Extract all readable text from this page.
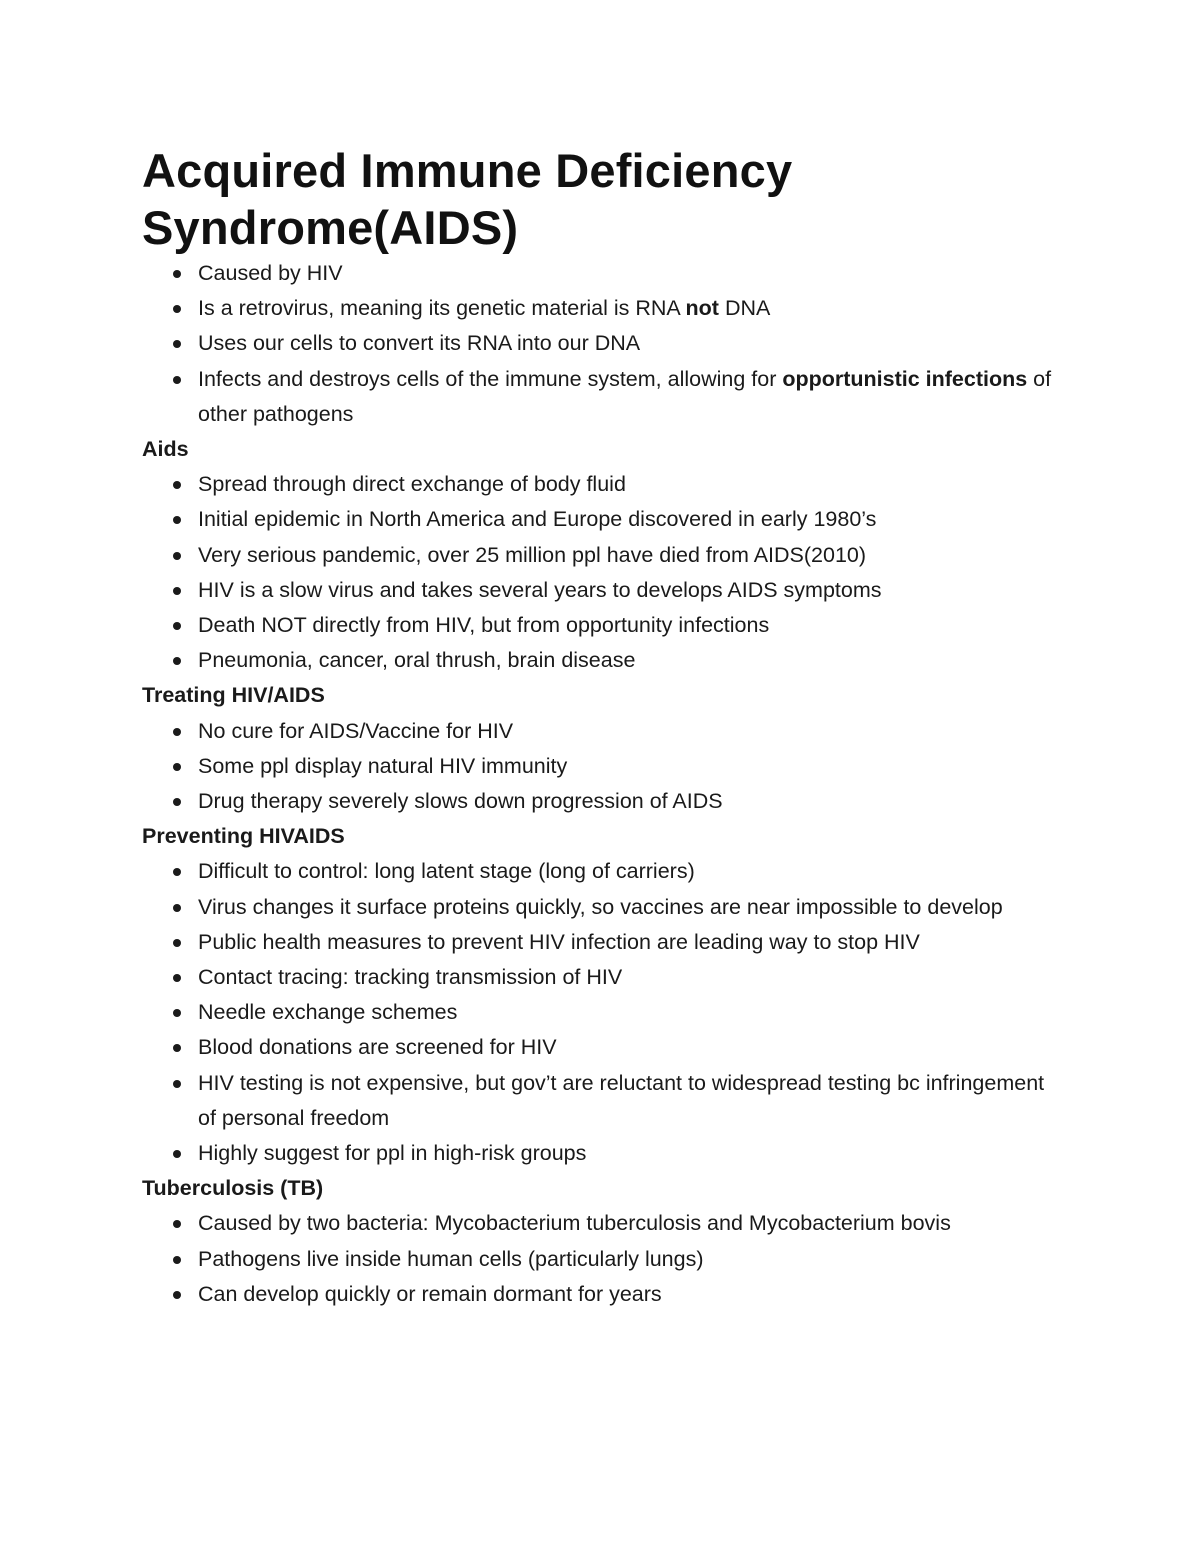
Acquired Immune Deficiency Syndrome(AIDS)
Caused by HIV
Is a retrovirus, meaning its genetic material is RNA not DNA
Uses our cells to convert its RNA into our DNA
Infects and destroys cells of the immune system, allowing for opportunistic infections of other pathogens
Aids
Spread through direct exchange of body fluid
Initial epidemic in North America and Europe discovered in early 1980’s
Very serious pandemic, over 25 million ppl have died from AIDS(2010)
HIV is a slow virus and takes several years to develops AIDS symptoms
Death NOT directly from HIV, but from opportunity infections
Pneumonia, cancer, oral thrush, brain disease
Treating HIV/AIDS
No cure for AIDS/Vaccine for HIV
Some ppl display natural HIV immunity
Drug therapy severely slows down progression of AIDS
Preventing HIVAIDS
Difficult to control: long latent stage (long of carriers)
Virus changes it surface proteins quickly, so vaccines are near impossible to develop
Public health measures to prevent HIV infection are leading way to stop HIV
Contact tracing: tracking transmission of HIV
Needle exchange schemes
Blood donations are screened for HIV
HIV testing is not expensive, but gov’t are reluctant to widespread testing bc infringement of personal freedom
Highly suggest for ppl in high-risk groups
Tuberculosis (TB)
Caused by two bacteria: Mycobacterium tuberculosis and Mycobacterium bovis
Pathogens live inside human cells (particularly lungs)
Can develop quickly or remain dormant for years
